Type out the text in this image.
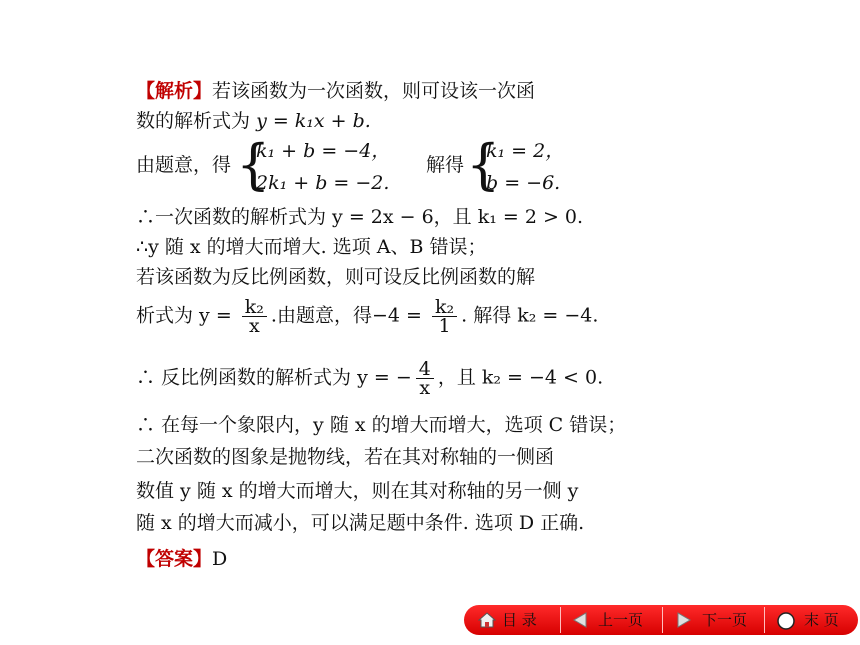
【解析】若该函数为一次函数，则可设该一次函
数的解析式为 y = k₁x + b.
由题意，得 {
k₁ + b = −4，
2k₁ + b = −2.
解得 {
k₁ = 2，
b = −6.
∴一次函数的解析式为 y = 2x − 6，且 k₁ = 2 > 0.
∴y 随 x 的增大而增大. 选项 A、B 错误；
若该函数为反比例函数，则可设反比例函数的解
析式为 $y = \frac{\text{k₂}}{x}$ .由题意，得$-4 = \frac{\text{k₂}}{1}$ . 解得 k₂ = −4.
∴ 反比例函数的解析式为 y = − $\frac{4}{x}$ ，且 k₂ = −4 < 0.
∴ 在每一个象限内，y 随 x 的增大而增大，选项 C 错误；
二次函数的图象是抛物线，若在其对称轴的一侧函
数值 y 随 x 的增大而增大，则在其对称轴的另一侧 y
随 x 的增大而减小，可以满足题中条件. 选项 D 正确.
【答案】D
目 录	上一页	下一页	末 页
